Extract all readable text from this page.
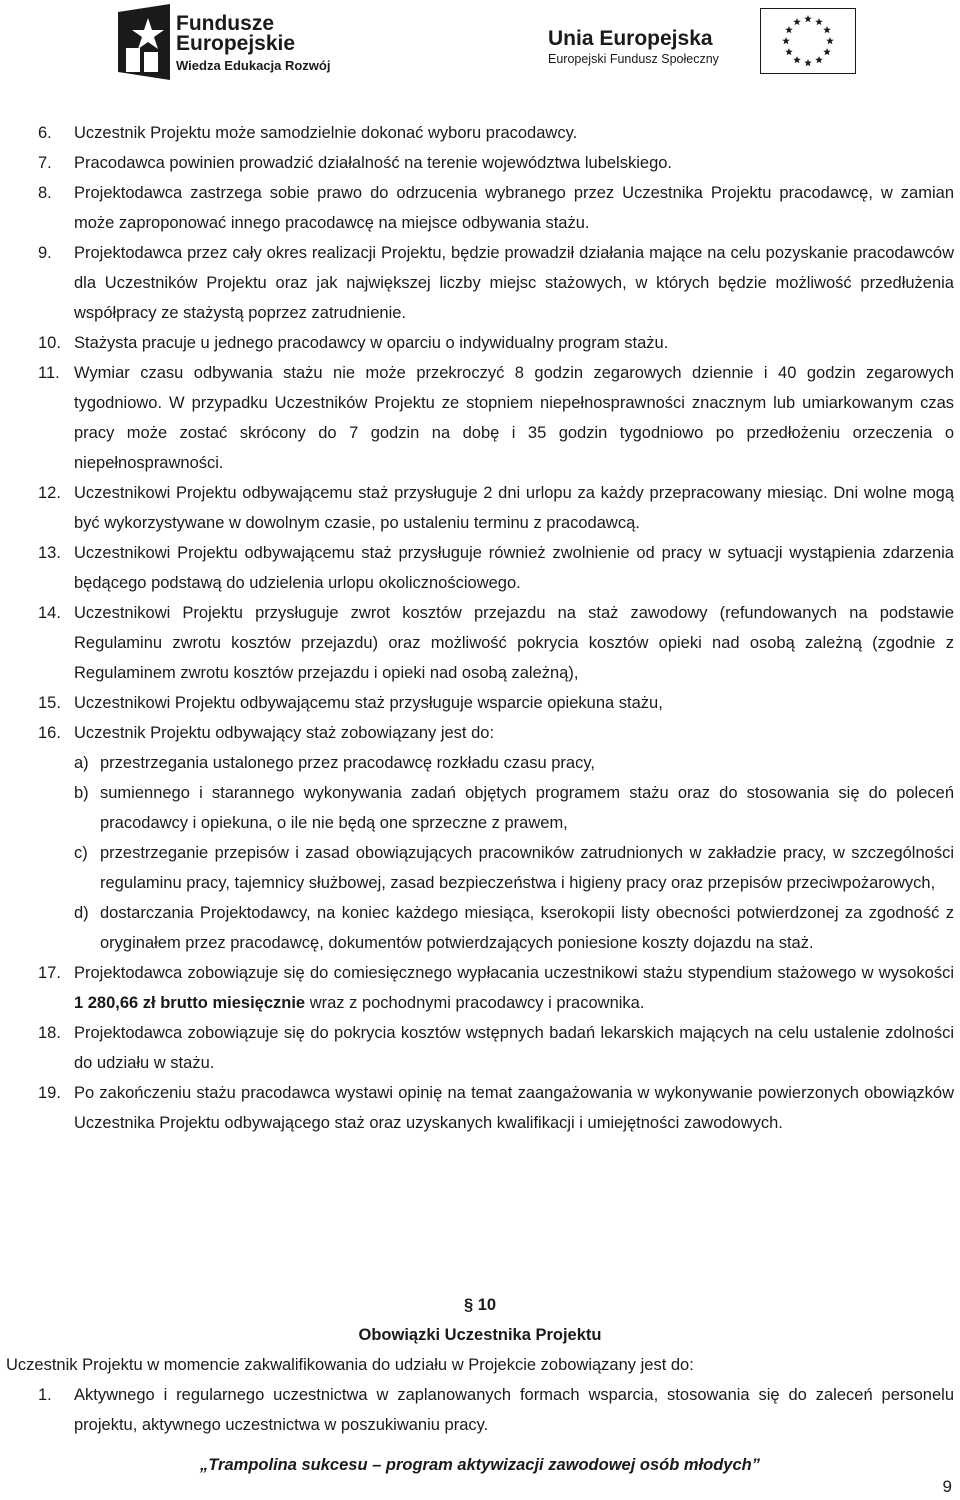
Fundusze
Europejskie
Wiedza Edukacja Rozwój
Unia Europejska
Europejski Fundusz Społeczny
6.	Uczestnik Projektu może samodzielnie dokonać wyboru pracodawcy.
7.	Pracodawca powinien prowadzić działalność na terenie województwa lubelskiego.
8.	Projektodawca zastrzega sobie prawo do odrzucenia wybranego przez Uczestnika Projektu pracodawcę, w zamian może zaproponować innego pracodawcę na miejsce odbywania stażu.
9.	Projektodawca przez cały okres realizacji Projektu, będzie prowadził działania mające na celu pozyskanie pracodawców dla Uczestników Projektu oraz jak największej liczby miejsc stażowych, w których będzie możliwość przedłużenia współpracy ze stażystą poprzez zatrudnienie.
10. Stażysta pracuje u jednego pracodawcy w oparciu o indywidualny program stażu.
11. Wymiar czasu odbywania stażu nie może przekroczyć 8 godzin zegarowych dziennie i 40 godzin zegarowych tygodniowo. W przypadku Uczestników Projektu ze stopniem niepełnosprawności znacznym lub umiarkowanym czas pracy może zostać skrócony do 7 godzin na dobę i 35 godzin tygodniowo po przedłożeniu orzeczenia o niepełnosprawności.
12. Uczestnikowi Projektu odbywającemu staż przysługuje 2 dni urlopu za każdy przepracowany miesiąc. Dni wolne mogą być wykorzystywane w dowolnym czasie, po ustaleniu terminu z pracodawcą.
13. Uczestnikowi Projektu odbywającemu staż przysługuje również zwolnienie od pracy w sytuacji wystąpienia zdarzenia będącego podstawą do udzielenia urlopu okolicznościowego.
14. Uczestnikowi Projektu przysługuje zwrot kosztów przejazdu na staż zawodowy (refundowanych na podstawie Regulaminu zwrotu kosztów przejazdu) oraz możliwość pokrycia kosztów opieki nad osobą zależną (zgodnie z Regulaminem zwrotu kosztów przejazdu i opieki nad osobą zależną),
15. Uczestnikowi Projektu odbywającemu staż przysługuje wsparcie opiekuna stażu,
16. Uczestnik Projektu odbywający staż zobowiązany jest do:
a) przestrzegania ustalonego przez pracodawcę rozkładu czasu pracy,
b) sumiennego i starannego wykonywania zadań objętych programem stażu oraz do stosowania się do poleceń pracodawcy i opiekuna, o ile nie będą one sprzeczne z prawem,
c) przestrzeganie przepisów i zasad obowiązujących pracowników zatrudnionych w zakładzie pracy, w szczególności regulaminu pracy, tajemnicy służbowej, zasad bezpieczeństwa i higieny pracy oraz przepisów przeciwpożarowych,
d) dostarczania Projektodawcy, na koniec każdego miesiąca, kserokopii listy obecności potwierdzonej za zgodność z oryginałem przez pracodawcę, dokumentów potwierdzających poniesione koszty dojazdu na staż.
17. Projektodawca zobowiązuje się do comiesięcznego wypłacania uczestnikowi stażu stypendium stażowego w wysokości 1 280,66 zł brutto miesięcznie wraz z pochodnymi pracodawcy i pracownika.
18. Projektodawca zobowiązuje się do pokrycia kosztów wstępnych badań lekarskich mających na celu ustalenie zdolności do udziału w stażu.
19. Po zakończeniu stażu pracodawca wystawi opinię na temat zaangażowania w wykonywanie powierzonych obowiązków Uczestnika Projektu odbywającego staż oraz uzyskanych kwalifikacji i umiejętności zawodowych.
§ 10
Obowiązki Uczestnika Projektu
Uczestnik Projektu w momencie zakwalifikowania do udziału w Projekcie zobowiązany jest do:
1.	Aktywnego i regularnego uczestnictwa w zaplanowanych formach wsparcia, stosowania się do zaleceń personelu projektu, aktywnego uczestnictwa w poszukiwaniu pracy.
„Trampolina sukcesu – program aktywizacji zawodowej osób młodych”
9
